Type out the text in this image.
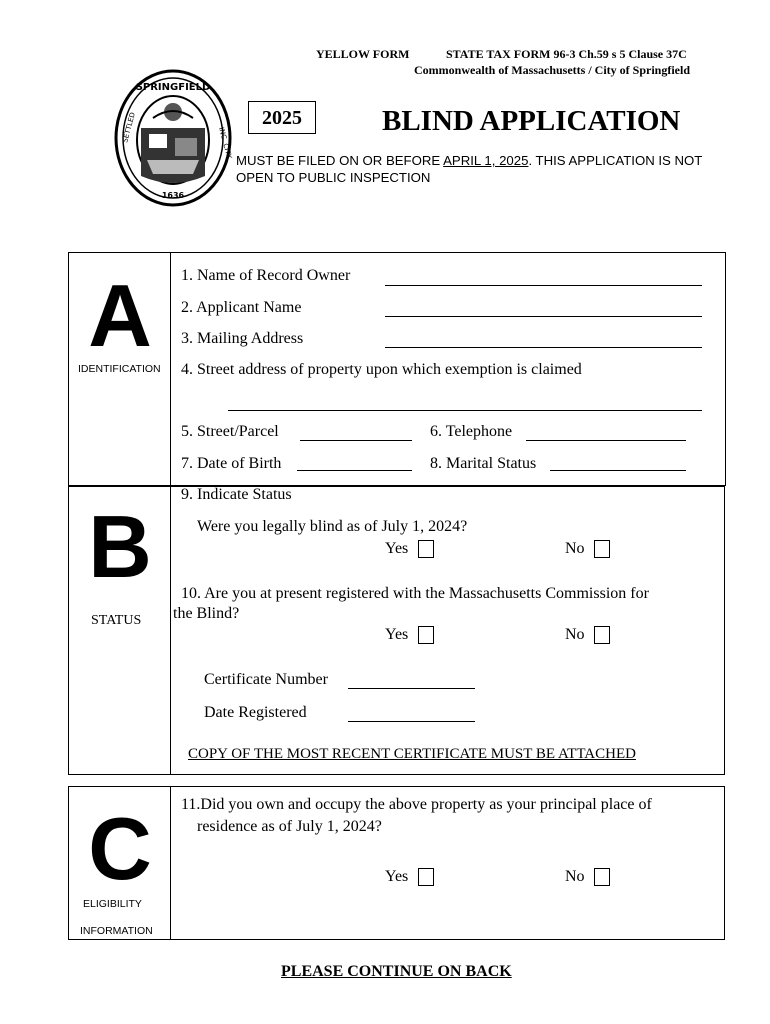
YELLOW FORM	STATE TAX FORM 96-3 Ch.59 s 5 Clause 37C
Commonwealth of Massachusetts / City of Springfield
SPRINGFIELD
SETTLED	INC. CITY
1636
2025	BLIND APPLICATION
MUST BE FILED ON OR BEFORE APRIL 1, 2025. THIS APPLICATION IS NOT OPEN TO PUBLIC INSPECTION
A
IDENTIFICATION
1. Name of Record Owner
2. Applicant Name
3. Mailing Address
4. Street address of property upon which exemption is claimed
5. Street/Parcel	6. Telephone
7. Date of Birth	8. Marital Status
B
STATUS
9. Indicate Status
Were you legally blind as of July 1, 2024?
Yes	No
10. Are you at present registered with the Massachusetts Commission for
the Blind?
Yes	No
Certificate Number
Date Registered
COPY OF THE MOST RECENT CERTIFICATE MUST BE ATTACHED
C
ELIGIBILITY
INFORMATION
11.Did you own and occupy the above property as your principal place of
residence as of July 1, 2024?
Yes	No
PLEASE CONTINUE ON BACK
